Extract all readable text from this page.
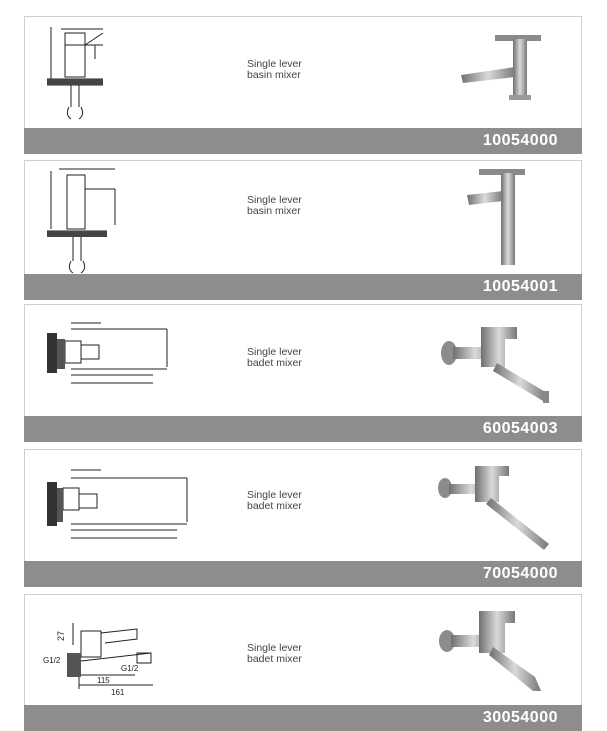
Single lever
basin mixer
10054000
Single lever
basin mixer
10054001
Single lever
badet mixer
60054003
Single lever
badet mixer
70054000
27
G1/2
G1/2
115
161
Single lever
badet mixer
30054000
